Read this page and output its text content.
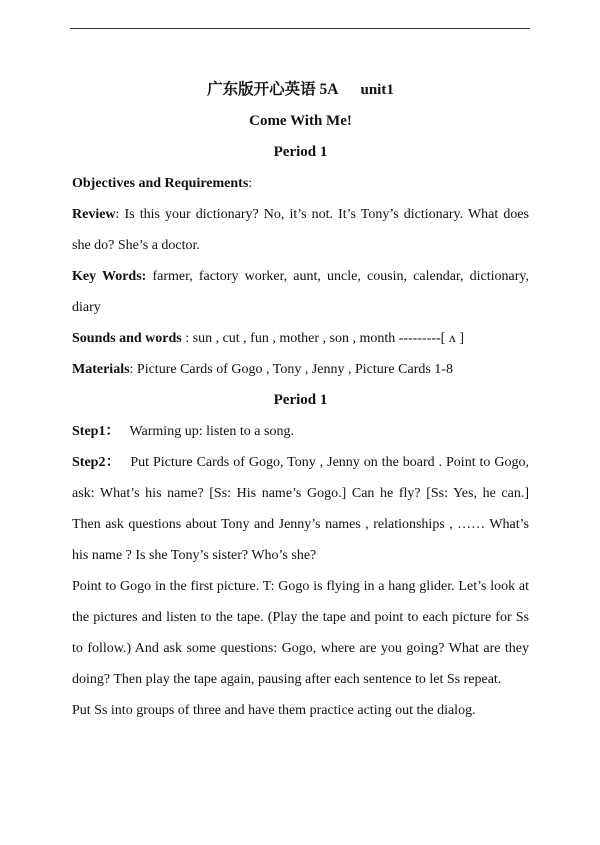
广东版开心英语 5A unit1
Come With Me!
Period 1

Objectives and Requirements:

Review: Is this your dictionary? No, it’s not. It’s Tony’s dictionary. What does she do? She’s a doctor.

Key Words: farmer, factory worker, aunt, uncle, cousin, calendar, dictionary, diary

Sounds and words : sun , cut , fun , mother , son , month ---------[ ʌ ]

Materials: Picture Cards of Gogo , Tony , Jenny , Picture Cards 1-8

Period 1

Step1： Warming up: listen to a song.

Step2： Put Picture Cards of Gogo, Tony , Jenny on the board . Point to Gogo, ask: What’s his name? [Ss: His name’s Gogo.] Can he fly? [Ss: Yes, he can.] Then ask questions about Tony and Jenny’s names , relationships , …… What’s his name ? Is she Tony’s sister? Who’s she?

Point to Gogo in the first picture. T: Gogo is flying in a hang glider. Let’s look at the pictures and listen to the tape. (Play the tape and point to each picture for Ss to follow.) And ask some questions: Gogo, where are you going? What are they doing? Then play the tape again, pausing after each sentence to let Ss repeat.

Put Ss into groups of three and have them practice acting out the dialog.
